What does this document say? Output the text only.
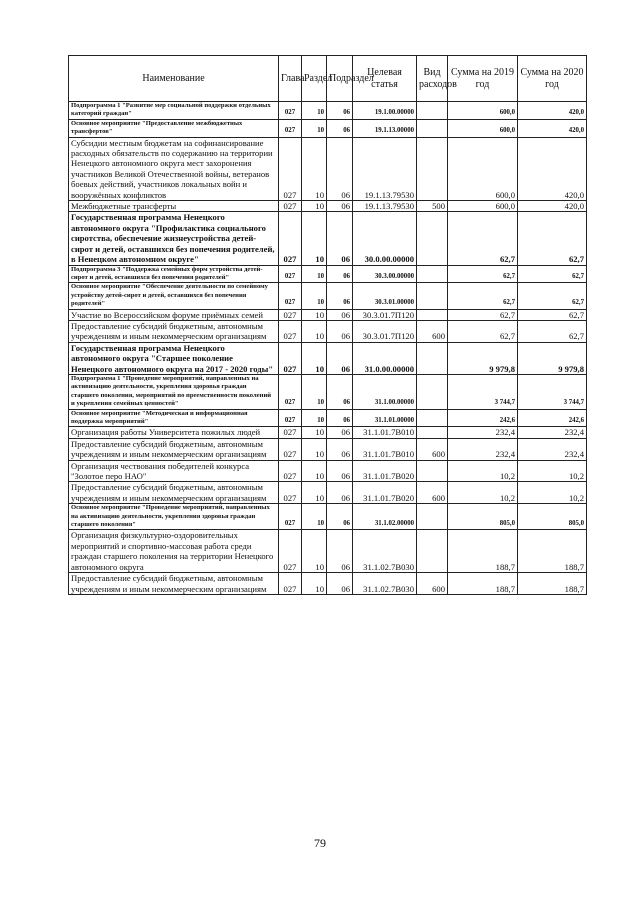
Наименование	Глава	Раздел	Подраздел	Целевая статья	Вид расходов	Сумма на 2019 год	Сумма на 2020 год
Подпрограмма 1 "Развитие мер социальной поддержки отдельных категорий граждан"	027	10	06	19.1.00.00000		600,0	420,0
Основное мероприятие "Предоставление межбюджетных трансфертов"	027	10	06	19.1.13.00000		600,0	420,0
Субсидии местным бюджетам на софинансирование расходных обязательств по содержанию на территории Ненецкого автономного округа мест захоронения участников Великой Отечественной войны, ветеранов боевых действий, участников локальных войн и вооружённых конфликтов	027	10	06	19.1.13.79530		600,0	420,0
Межбюджетные трансферты	027	10	06	19.1.13.79530	500	600,0	420,0
Государственная программа Ненецкого автономного округа "Профилактика социального сиротства, обеспечение жизнеустройства детей-сирот и детей, оставшихся без попечения родителей, в Ненецком автономном округе"	027	10	06	30.0.00.00000		62,7	62,7
Подпрограмма 3 "Поддержка семейных форм устройства детей-сирот и детей, оставшихся без попечения родителей"	027	10	06	30.3.00.00000		62,7	62,7
Основное мероприятие "Обеспечение деятельности по семейному устройству детей-сирот и детей, оставшихся без попечения родителей"	027	10	06	30.3.01.00000		62,7	62,7
Участие во Всероссийском форуме приёмных семей	027	10	06	30.3.01.7П120		62,7	62,7
Предоставление субсидий бюджетным, автономным учреждениям и иным некоммерческим организациям	027	10	06	30.3.01.7П120	600	62,7	62,7
Государственная программа Ненецкого автономного округа "Старшее поколение Ненецкого автономного округа на 2017 - 2020 годы"	027	10	06	31.0.00.00000		9 979,8	9 979,8
Подпрограмма 1 "Проведение мероприятий, направленных на активизацию деятельности, укрепления здоровья граждан старшего поколения, мероприятий по преемственности поколений и укрепления семейных ценностей"	027	10	06	31.1.00.00000		3 744,7	3 744,7
Основное мероприятие "Методическая и информационная поддержка мероприятий"	027	10	06	31.1.01.00000		242,6	242,6
Организация работы Университета пожилых людей	027	10	06	31.1.01.7В010		232,4	232,4
Предоставление субсидий бюджетным, автономным учреждениям и иным некоммерческим организациям	027	10	06	31.1.01.7В010	600	232,4	232,4
Организация чествования победителей конкурса "Золотое перо НАО"	027	10	06	31.1.01.7В020		10,2	10,2
Предоставление субсидий бюджетным, автономным учреждениям и иным некоммерческим организациям	027	10	06	31.1.01.7В020	600	10,2	10,2
Основное мероприятие "Проведение мероприятий, направленных на активизацию деятельности, укрепления здоровья граждан старшего поколения"	027	10	06	31.1.02.00000		805,0	805,0
Организация физкультурно-оздоровительных мероприятий и спортивно-массовая работа среди граждан старшего поколения на территории Ненецкого автономного округа	027	10	06	31.1.02.7В030		188,7	188,7
Предоставление субсидий бюджетным, автономным учреждениям и иным некоммерческим организациям	027	10	06	31.1.02.7В030	600	188,7	188,7
79
